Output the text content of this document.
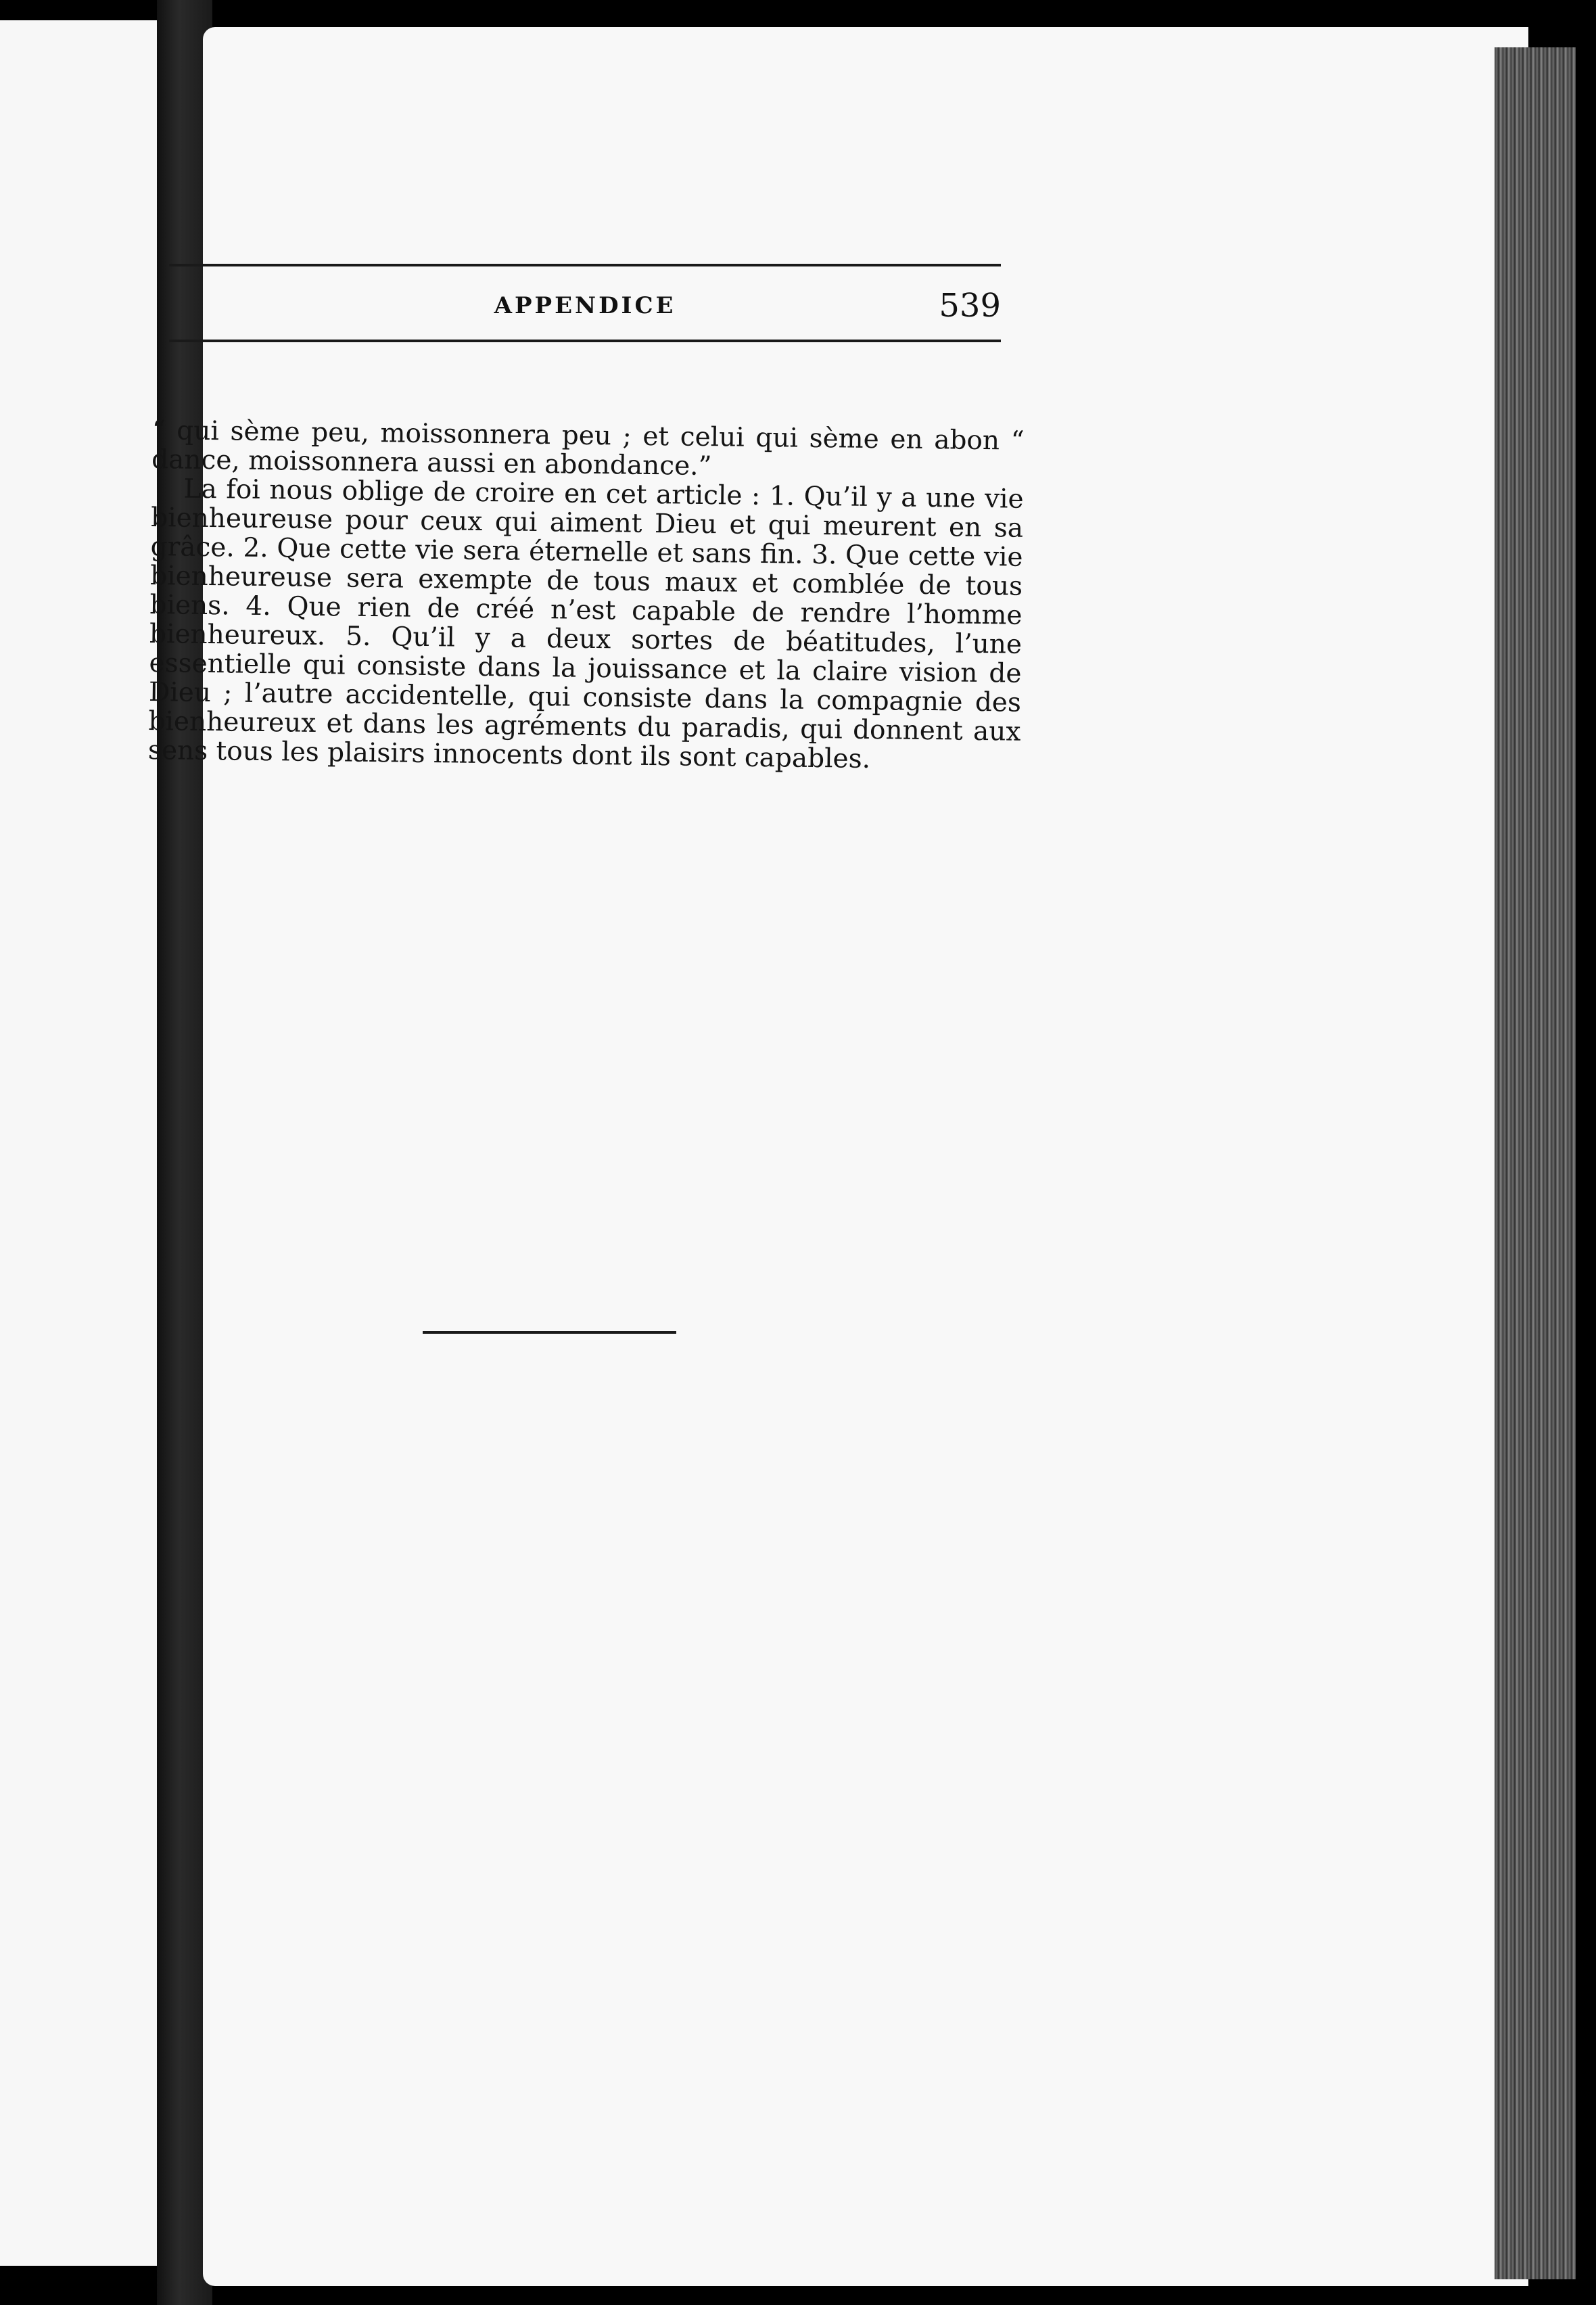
APPENDICE	539

“ qui sème peu, moissonnera peu ; et celui qui sème en abon “ dance, moissonnera aussi en abondance.”

La foi nous oblige de croire en cet article : 1. Qu’il y a une vie bienheureuse pour ceux qui aiment Dieu et qui meurent en sa grâce. 2. Que cette vie sera éternelle et sans fin. 3. Que cette vie bienheureuse sera exempte de tous maux et comblée de tous biens. 4. Que rien de créé n’est capable de rendre l’homme bienheureux. 5. Qu’il y a deux sortes de béatitudes, l’une essentielle qui consiste dans la jouissance et la claire vision de Dieu ; l’autre accidentelle, qui consiste dans la compagnie des bienheureux et dans les agréments du paradis, qui donnent aux sens tous les plaisirs innocents dont ils sont capables.
